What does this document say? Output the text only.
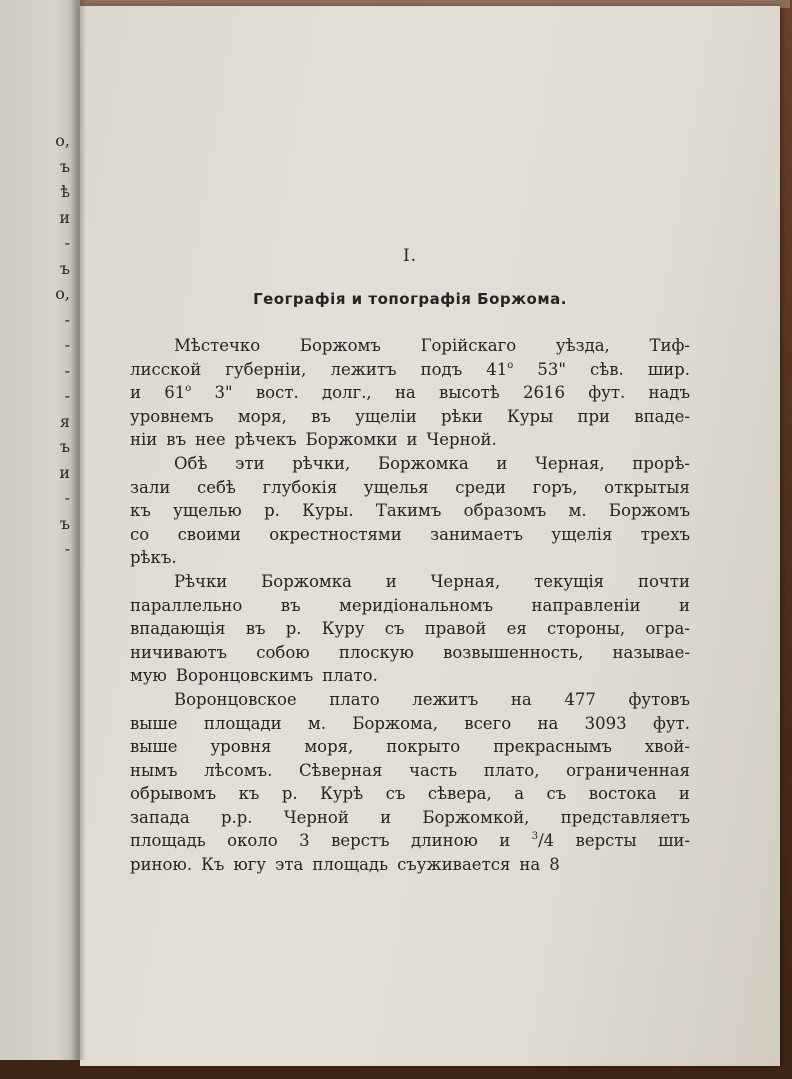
о,
ъ
ѣ
и
-
ъ
о,
-
-
-
-
я
ъ
и
-
ъ
-
I.
Географія и топографія Боржома.
Мѣстечко Боржомъ Горійскаго уѣзда, Тиф-
лисской губерніи, лежитъ подъ 41$^o$ 53" сѣв. шир.
и 61$^o$ 3" вост. долг., на высотѣ 2616 фут. надъ
уровнемъ моря, въ ущеліи рѣки Куры при впаде-
ніи въ нее рѣчекъ Боржомки и Черной.
Обѣ эти рѣчки, Боржомка и Черная, прорѣ-
зали себѣ глубокія ущелья среди горъ, открытыя
къ ущелью р. Куры. Такимъ образомъ м. Боржомъ
со своими окрестностями занимаетъ ущелія трехъ
рѣкъ.
Рѣчки Боржомка и Черная, текущія почти
параллельно въ меридіональномъ направленіи и
впадающія въ р. Куру съ правой ея стороны, огра-
ничиваютъ собою плоскую возвышенность, называе-
мую Воронцовскимъ плато.
Воронцовское плато лежитъ на 477 футовъ
выше площади м. Боржома, всего на 3093 фут.
выше уровня моря, покрыто прекраснымъ хвой-
нымъ лѣсомъ. Сѣверная часть плато, ограниченная
обрывомъ къ р. Курѣ съ сѣвера, а съ востока и
запада р.р. Черной и Боржомкой, представляетъ
площадь около 3 верстъ длиною и $^3$/4 версты ши-
риною. Къ югу эта площадь съуживается на 8
